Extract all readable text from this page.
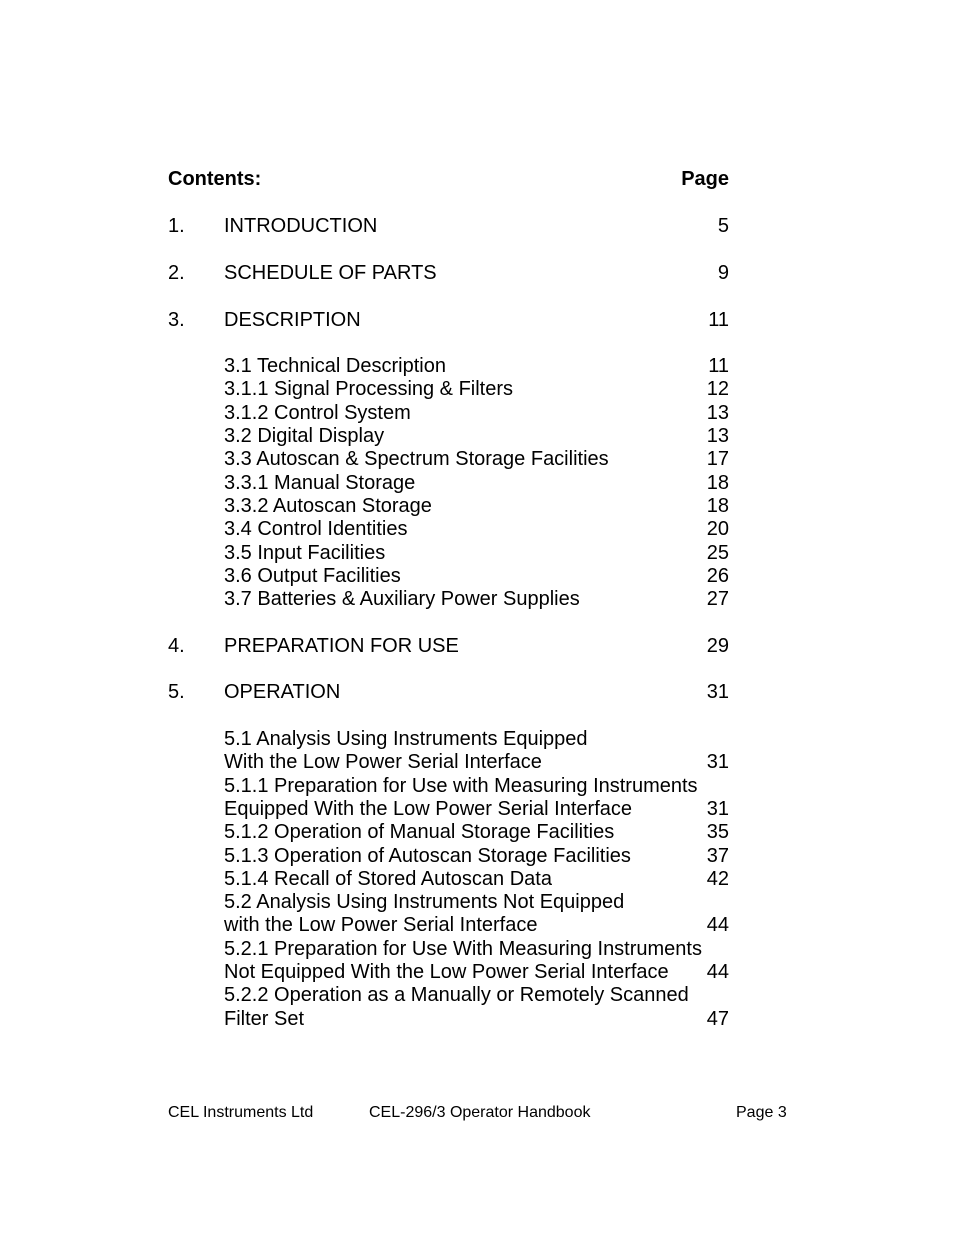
Contents:	Page
1. INTRODUCTION	5
2. SCHEDULE OF PARTS	9
3. DESCRIPTION	11
3.1 Technical Description	11
3.1.1 Signal Processing & Filters	12
3.1.2 Control System	13
3.2 Digital Display	13
3.3 Autoscan & Spectrum Storage Facilities	17
3.3.1 Manual Storage	18
3.3.2 Autoscan Storage	18
3.4 Control Identities	20
3.5 Input Facilities	25
3.6 Output Facilities	26
3.7 Batteries & Auxiliary Power Supplies	27
4. PREPARATION FOR USE	29
5. OPERATION	31
5.1 Analysis Using Instruments Equipped
With the Low Power Serial Interface	31
5.1.1 Preparation for Use with Measuring Instruments
Equipped With the Low Power Serial Interface	31
5.1.2 Operation of Manual Storage Facilities	35
5.1.3 Operation of Autoscan Storage Facilities	37
5.1.4 Recall of Stored Autoscan Data	42
5.2 Analysis Using Instruments Not Equipped
with the Low Power Serial Interface	44
5.2.1 Preparation for Use With Measuring Instruments
Not Equipped With the Low Power Serial Interface 44
5.2.2 Operation as a Manually or Remotely Scanned
Filter Set	47
CEL Instruments Ltd	CEL-296/3 Operator Handbook	Page 3
